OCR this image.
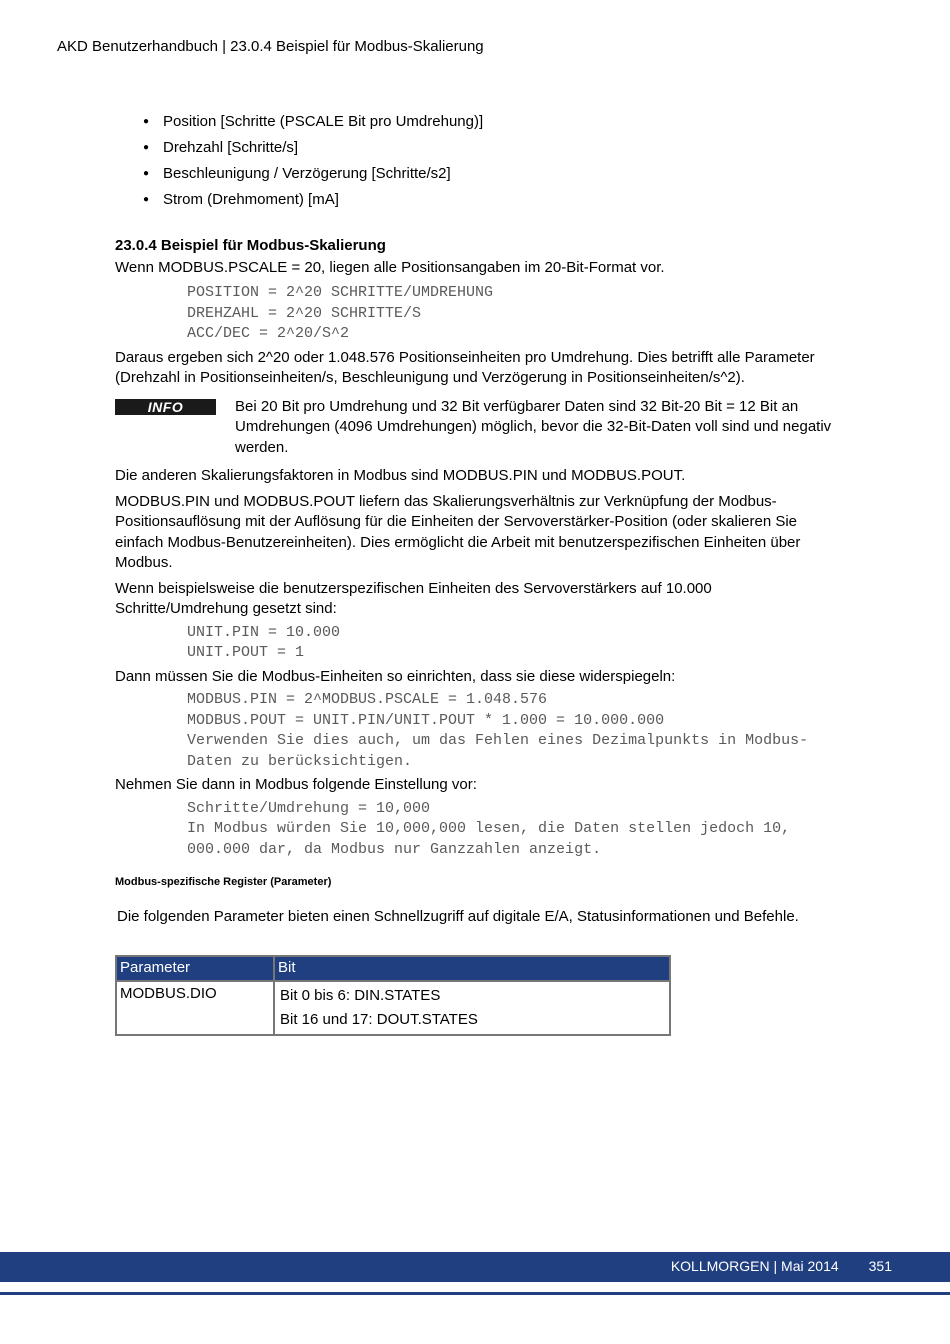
AKD Benutzerhandbuch | 23.0.4 Beispiel für Modbus-Skalierung
● Position [Schritte (PSCALE Bit pro Umdrehung)]
● Drehzahl [Schritte/s]
● Beschleunigung / Verzögerung [Schritte/s2]
● Strom (Drehmoment) [mA]
23.0.4 Beispiel für Modbus-Skalierung

Wenn MODBUS.PSCALE = 20, liegen alle Positionsangaben im 20-Bit-Format vor.

POSITION = 2^20 SCHRITTE/UMDREHUNG
DREHZAHL = 2^20 SCHRITTE/S
ACC/DEC = 2^20/S^2

Daraus ergeben sich 2^20 oder 1.048.576 Positionseinheiten pro Umdrehung. Dies betrifft alle Parameter (Drehzahl in Positionseinheiten/s, Beschleunigung und Verzögerung in Positionseinheiten/s^2).

INFO	Bei 20 Bit pro Umdrehung und 32 Bit verfügbarer Daten sind 32 Bit-20 Bit = 12 Bit an Umdrehungen (4096 Umdrehungen) möglich, bevor die 32-Bit-Daten voll sind und negativ werden.

Die anderen Skalierungsfaktoren in Modbus sind MODBUS.PIN und MODBUS.POUT.

MODBUS.PIN und MODBUS.POUT liefern das Skalierungsverhältnis zur Verknüpfung der Modbus-Positionsauflösung mit der Auflösung für die Einheiten der Servoverstärker-Position (oder skalieren Sie einfach Modbus-Benutzereinheiten). Dies ermöglicht die Arbeit mit benutzerspezifischen Einheiten über Modbus.

Wenn beispielsweise die benutzerspezifischen Einheiten des Servoverstärkers auf 10.000 Schritte/Umdrehung gesetzt sind:

UNIT.PIN = 10.000
UNIT.POUT = 1

Dann müssen Sie die Modbus-Einheiten so einrichten, dass sie diese widerspiegeln:

MODBUS.PIN = 2^MODBUS.PSCALE = 1.048.576
MODBUS.POUT = UNIT.PIN/UNIT.POUT * 1.000 = 10.000.000
Verwenden Sie dies auch, um das Fehlen eines Dezimalpunkts in Modbus-Daten zu berücksichtigen.

Nehmen Sie dann in Modbus folgende Einstellung vor:

Schritte/Umdrehung = 10,000
In Modbus würden Sie 10,000,000 lesen, die Daten stellen jedoch 10, 000.000 dar, da Modbus nur Ganzzahlen anzeigt.
Modbus-spezifische Register (Parameter)

Die folgenden Parameter bieten einen Schnellzugriff auf digitale E/A, Statusinformationen und Befehle.

Parameter	Bit
MODBUS.DIO	Bit 0 bis 6: DIN.STATES
Bit 16 und 17: DOUT.STATES
KOLLMORGEN | Mai 2014 351
